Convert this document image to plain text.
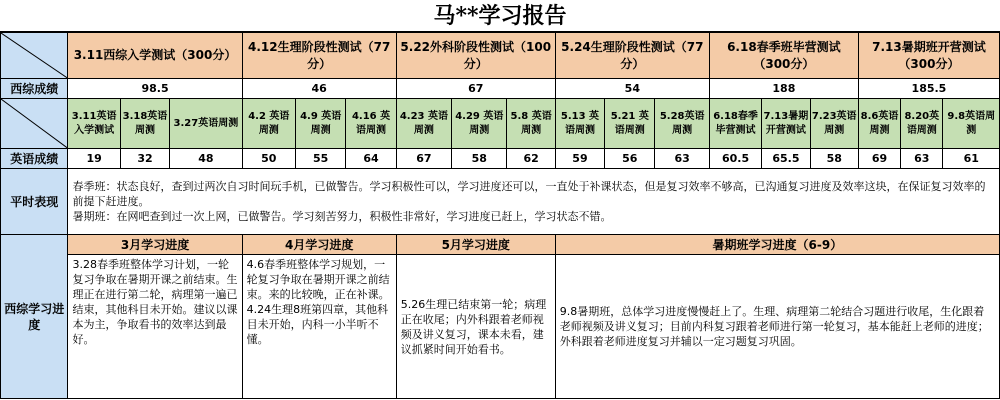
马**学习报告
	3.11西综入学测试（300分）			4.12生理阶段性测试（77分）			5.22外科阶段性测试（100分）			5.24生理阶段性测试（77分）			6.18春季班毕营测试（300分）			7.13暑期班开营测试（300分）		
西综成绩	98.5			46			67			54			188			185.5		

	3.11英语入学测试	3.18英语周测	3.27英语周测	4.2 英语周测	4.9 英语周测	4.16 英语周测	4.23 英语周测	4.29 英语周测	5.8 英语周测	5.13 英语周测	5.21 英语周测	5.28英语周测	6.18春季毕营测试	7.13暑期开营测试	7.23英语周测	8.6英语周测	8.20英语周测	9.8英语周测
英语成绩	19	32	48	50	55	64	67	58	62	59	56	63	60.5	65.5	58	69	63	61
平时表现	春季班：状态良好，查到过两次自习时间玩手机，已做警告。学习积极性可以，学习进度还可以，一直处于补课状态，但是复习效率不够高，已沟通复习进度及效率这块，在保证复习效率的前提下赶进度。
暑期班：在网吧查到过一次上网，已做警告。学习刻苦努力，积极性非常好，学习进度已赶上，学习状态不错。																	

西综学习进度	3月学习进度			4月学习进度			5月学习进度			暑期班学习进度（6-9）								
	3.28春季班整体学习计划，一轮复习争取在暑期开课之前结束。生理正在进行第二轮，病理第一遍已结束，其他科目未开始。建议以课本为主，争取看书的效率达到最好。			4.6春季班整体学习规划，一轮复习争取在暑期开课之前结束。来的比较晚，正在补课。4.24生理8班第四章，其他科目未开始，内科一小半听不懂。			5.26生理已结束第一轮；病理正在收尾；内外科跟着老师视频及讲义复习，课本未看，建议抓紧时间开始看书。			9.8暑期班，总体学习进度慢慢赶上了。生理、病理第二轮结合习题进行收尾，生化跟着老师视频及讲义复习；目前内科复习跟着老师进行第一轮复习，基本能赶上老师的进度；外科跟着老师进度复习并辅以一定习题复习巩固。								
